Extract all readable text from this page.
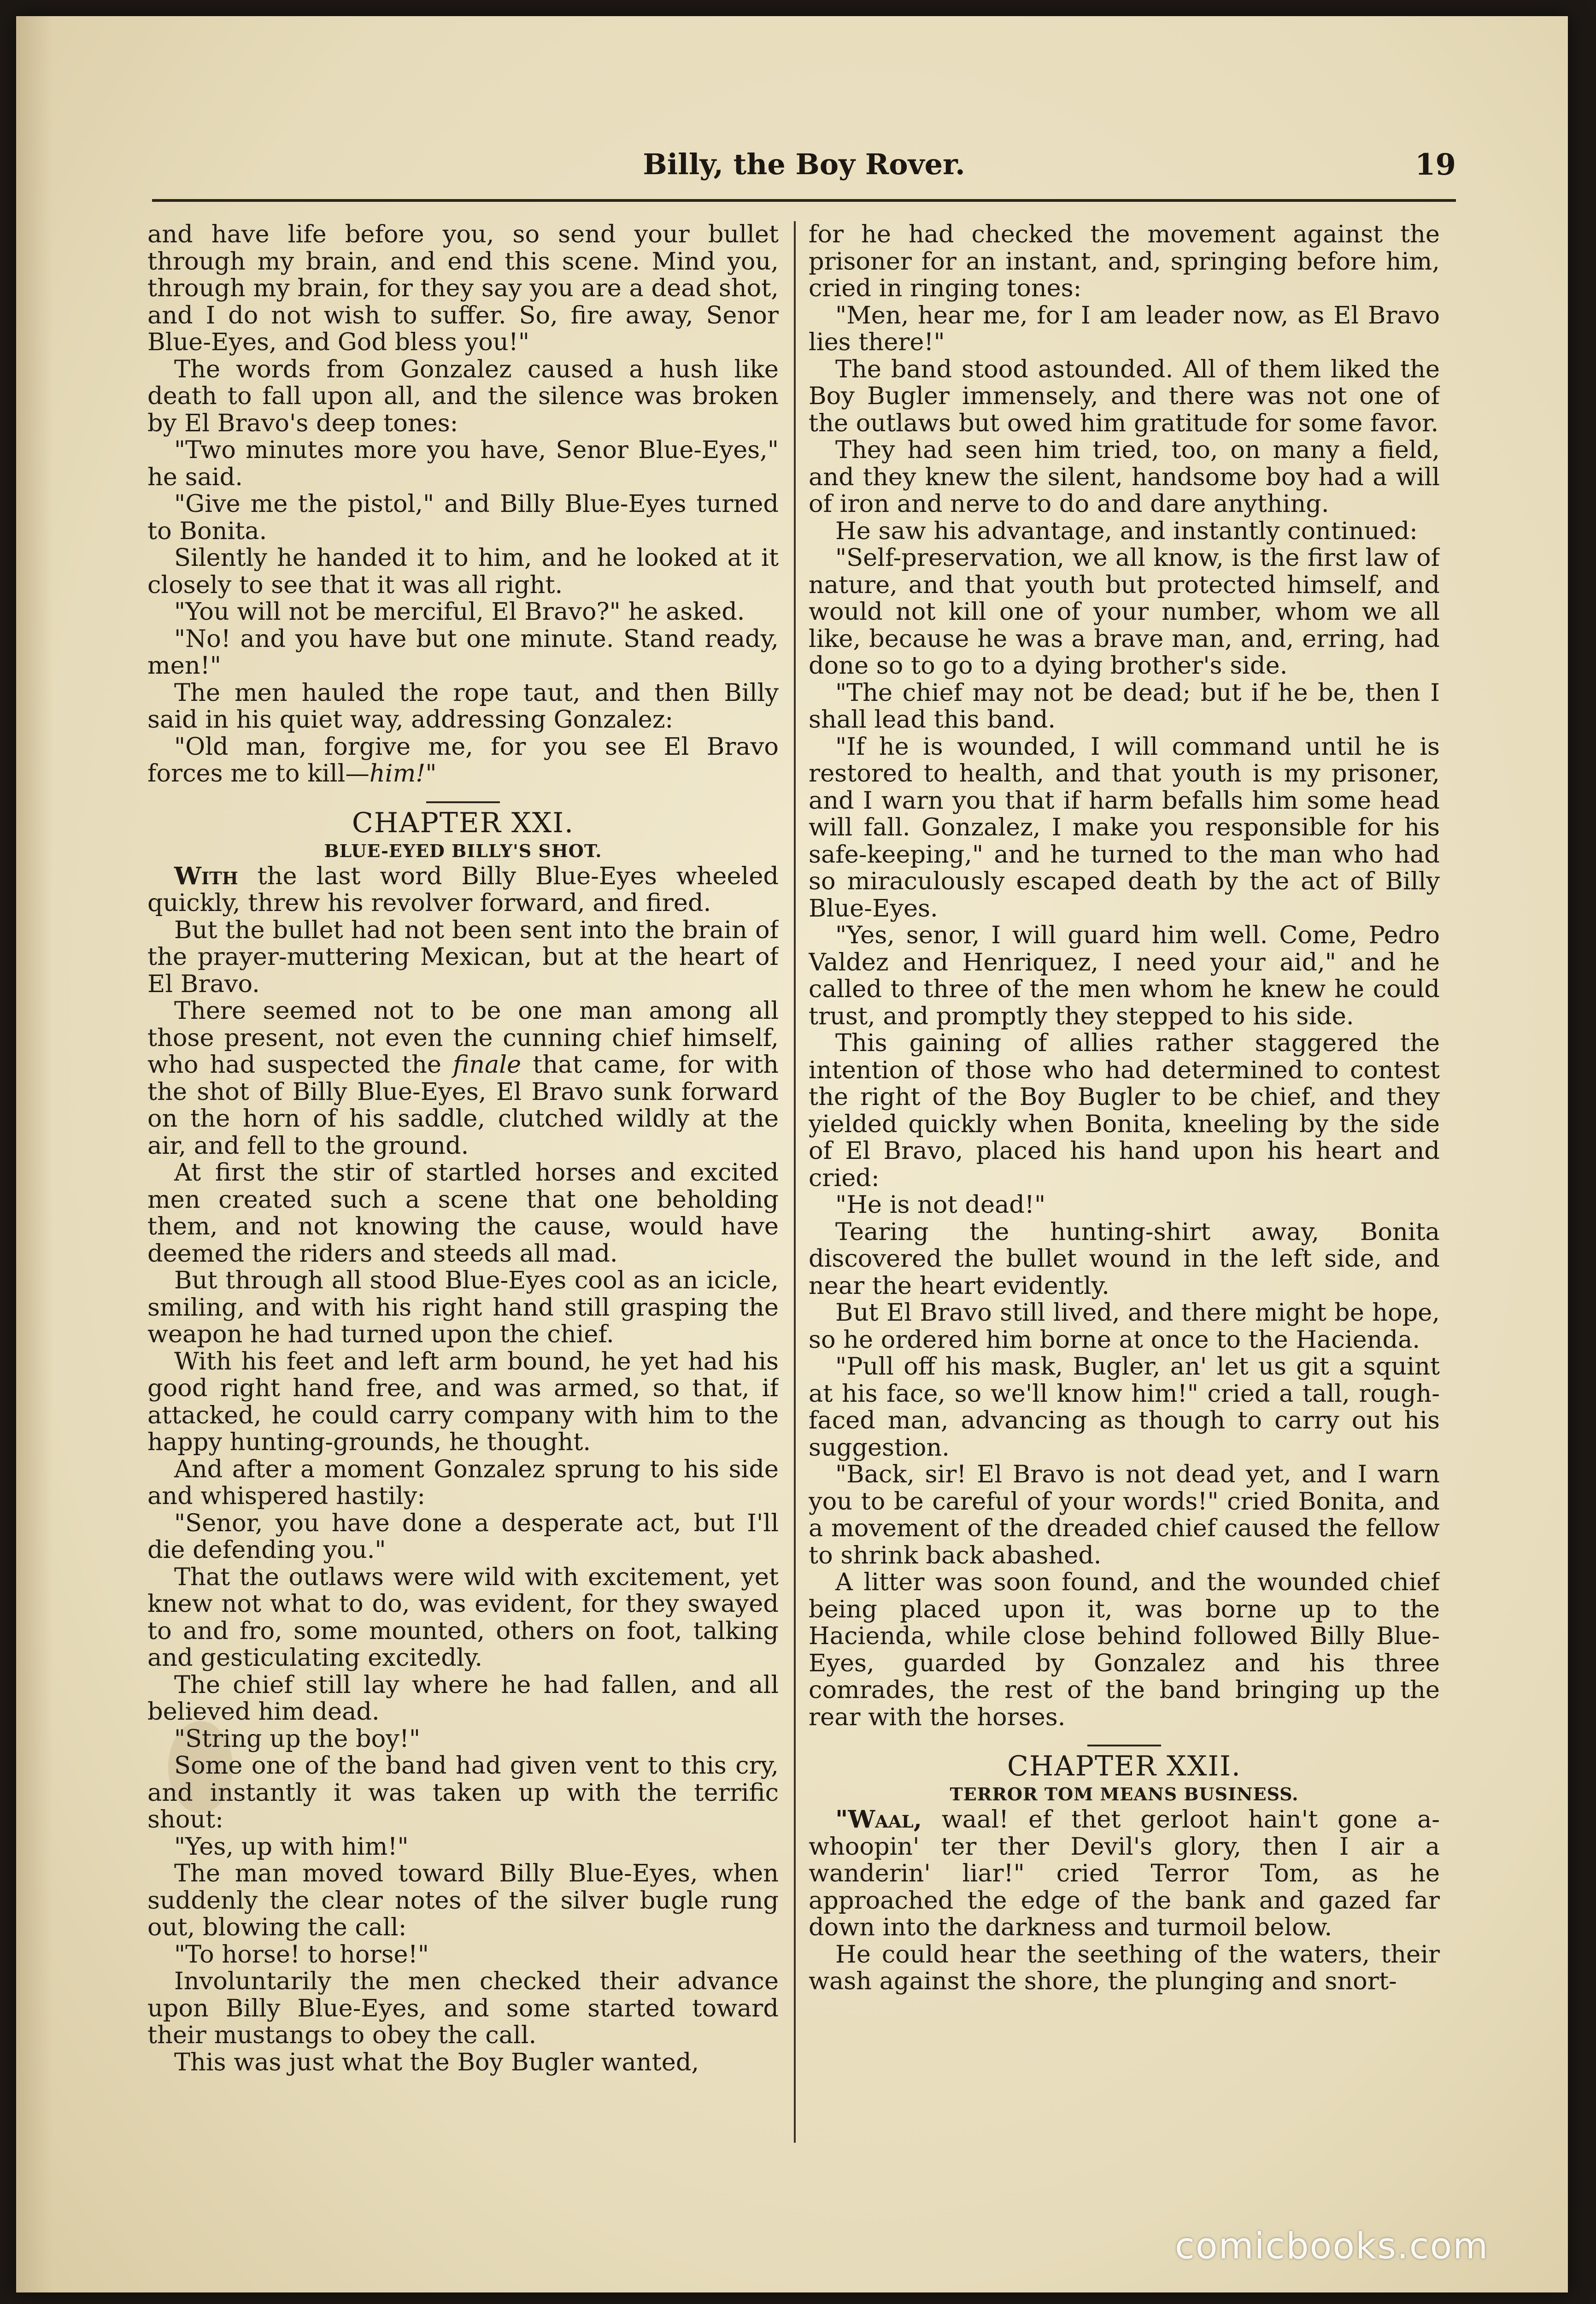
Billy, the Boy Rover.	19

and have life before you, so send your bullet through my brain, and end this scene. Mind you, through my brain, for they say you are a dead shot, and I do not wish to suffer. So, fire away, Senor Blue-Eyes, and God bless you!"

The words from Gonzalez caused a hush like death to fall upon all, and the silence was broken by El Bravo's deep tones:

"Two minutes more you have, Senor Blue-Eyes," he said.

"Give me the pistol," and Billy Blue-Eyes turned to Bonita.

Silently he handed it to him, and he looked at it closely to see that it was all right.

"You will not be merciful, El Bravo?" he asked.

"No! and you have but one minute. Stand ready, men!"

The men hauled the rope taut, and then Billy said in his quiet way, addressing Gonzalez:

"Old man, forgive me, for you see El Bravo forces me to kill—him!"

CHAPTER XXI.

BLUE-EYED BILLY'S SHOT.

With the last word Billy Blue-Eyes wheeled quickly, threw his revolver forward, and fired.

But the bullet had not been sent into the brain of the prayer-muttering Mexican, but at the heart of El Bravo.

There seemed not to be one man among all those present, not even the cunning chief himself, who had suspected the finale that came, for with the shot of Billy Blue-Eyes, El Bravo sunk forward on the horn of his saddle, clutched wildly at the air, and fell to the ground.

At first the stir of startled horses and excited men created such a scene that one beholding them, and not knowing the cause, would have deemed the riders and steeds all mad.

But through all stood Blue-Eyes cool as an icicle, smiling, and with his right hand still grasping the weapon he had turned upon the chief.

With his feet and left arm bound, he yet had his good right hand free, and was armed, so that, if attacked, he could carry company with him to the happy hunting-grounds, he thought.

And after a moment Gonzalez sprung to his side and whispered hastily:

"Senor, you have done a desperate act, but I'll die defending you."

That the outlaws were wild with excitement, yet knew not what to do, was evident, for they swayed to and fro, some mounted, others on foot, talking and gesticulating excitedly.

The chief still lay where he had fallen, and all believed him dead.

"String up the boy!"

Some one of the band had given vent to this cry, and instantly it was taken up with the terrific shout:

"Yes, up with him!"

The man moved toward Billy Blue-Eyes, when suddenly the clear notes of the silver bugle rung out, blowing the call:

"To horse! to horse!"

Involuntarily the men checked their advance upon Billy Blue-Eyes, and some started toward their mustangs to obey the call.

This was just what the Boy Bugler wanted,

for he had checked the movement against the prisoner for an instant, and, springing before him, cried in ringing tones:

"Men, hear me, for I am leader now, as El Bravo lies there!"

The band stood astounded. All of them liked the Boy Bugler immensely, and there was not one of the outlaws but owed him gratitude for some favor.

They had seen him tried, too, on many a field, and they knew the silent, handsome boy had a will of iron and nerve to do and dare anything.

He saw his advantage, and instantly continued:

"Self-preservation, we all know, is the first law of nature, and that youth but protected himself, and would not kill one of your number, whom we all like, because he was a brave man, and, erring, had done so to go to a dying brother's side.

"The chief may not be dead; but if he be, then I shall lead this band.

"If he is wounded, I will command until he is restored to health, and that youth is my prisoner, and I warn you that if harm befalls him some head will fall. Gonzalez, I make you responsible for his safe-keeping," and he turned to the man who had so miraculously escaped death by the act of Billy Blue-Eyes.

"Yes, senor, I will guard him well. Come, Pedro Valdez and Henriquez, I need your aid," and he called to three of the men whom he knew he could trust, and promptly they stepped to his side.

This gaining of allies rather staggered the intention of those who had determined to contest the right of the Boy Bugler to be chief, and they yielded quickly when Bonita, kneeling by the side of El Bravo, placed his hand upon his heart and cried:

"He is not dead!"

Tearing the hunting-shirt away, Bonita discovered the bullet wound in the left side, and near the heart evidently.

But El Bravo still lived, and there might be hope, so he ordered him borne at once to the Hacienda.

"Pull off his mask, Bugler, an' let us git a squint at his face, so we'll know him!" cried a tall, rough-faced man, advancing as though to carry out his suggestion.

"Back, sir! El Bravo is not dead yet, and I warn you to be careful of your words!" cried Bonita, and a movement of the dreaded chief caused the fellow to shrink back abashed.

A litter was soon found, and the wounded chief being placed upon it, was borne up to the Hacienda, while close behind followed Billy Blue-Eyes, guarded by Gonzalez and his three comrades, the rest of the band bringing up the rear with the horses.

CHAPTER XXII.

TERROR TOM MEANS BUSINESS.

"Waal, waal! ef thet gerloot hain't gone a-whoopin' ter ther Devil's glory, then I air a wanderin' liar!" cried Terror Tom, as he approached the edge of the bank and gazed far down into the darkness and turmoil below.

He could hear the seething of the waters, their wash against the shore, the plunging and snort-

comicbooks.com
